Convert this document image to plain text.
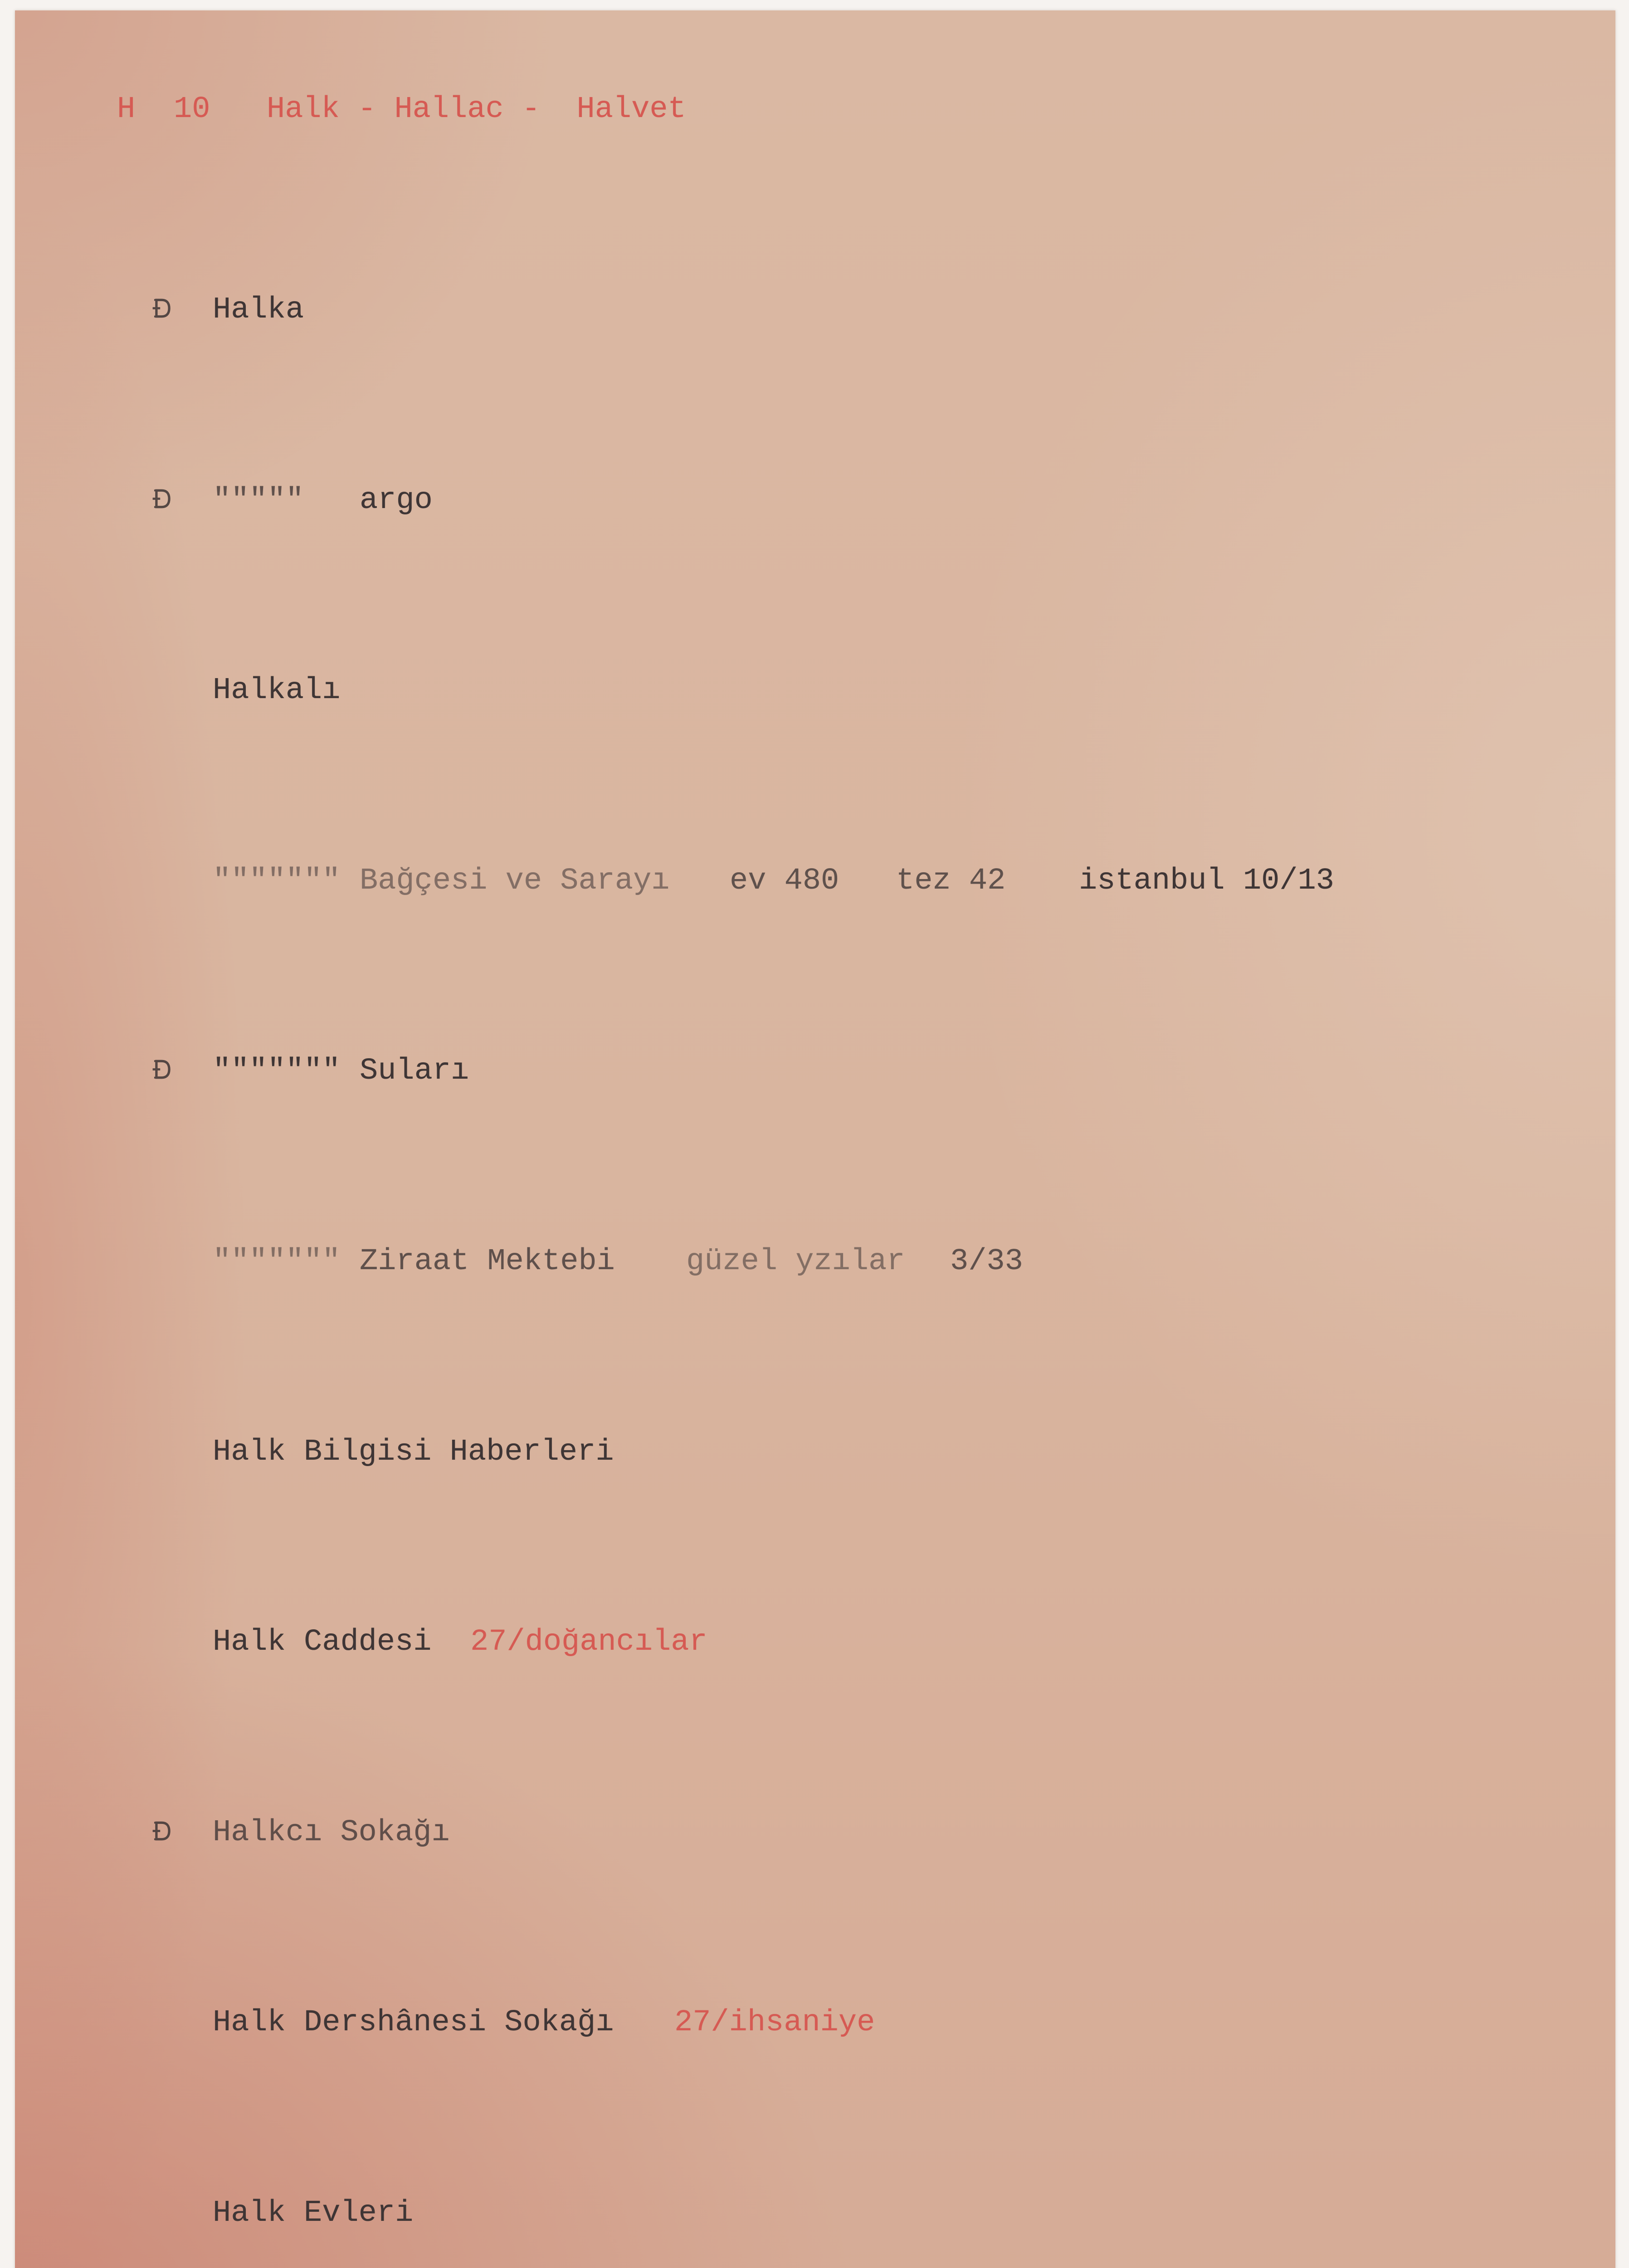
H

10

Halk - Hallac -  Halvet

Halka

"""""

argo

Halkalı

"""""""

Bağçesi ve Sarayı

ev 480

tez 42

istanbul 10/13

"""""""

Suları

"""""""

Ziraat Mektebi

güzel yzılar

3/33

Halk Bilgisi Haberleri

Halk Caddesi

27/doğancılar

Halkcı Sokağı

Halk Dershânesi Sokağı

27/ihsaniye

Halk Evleri
